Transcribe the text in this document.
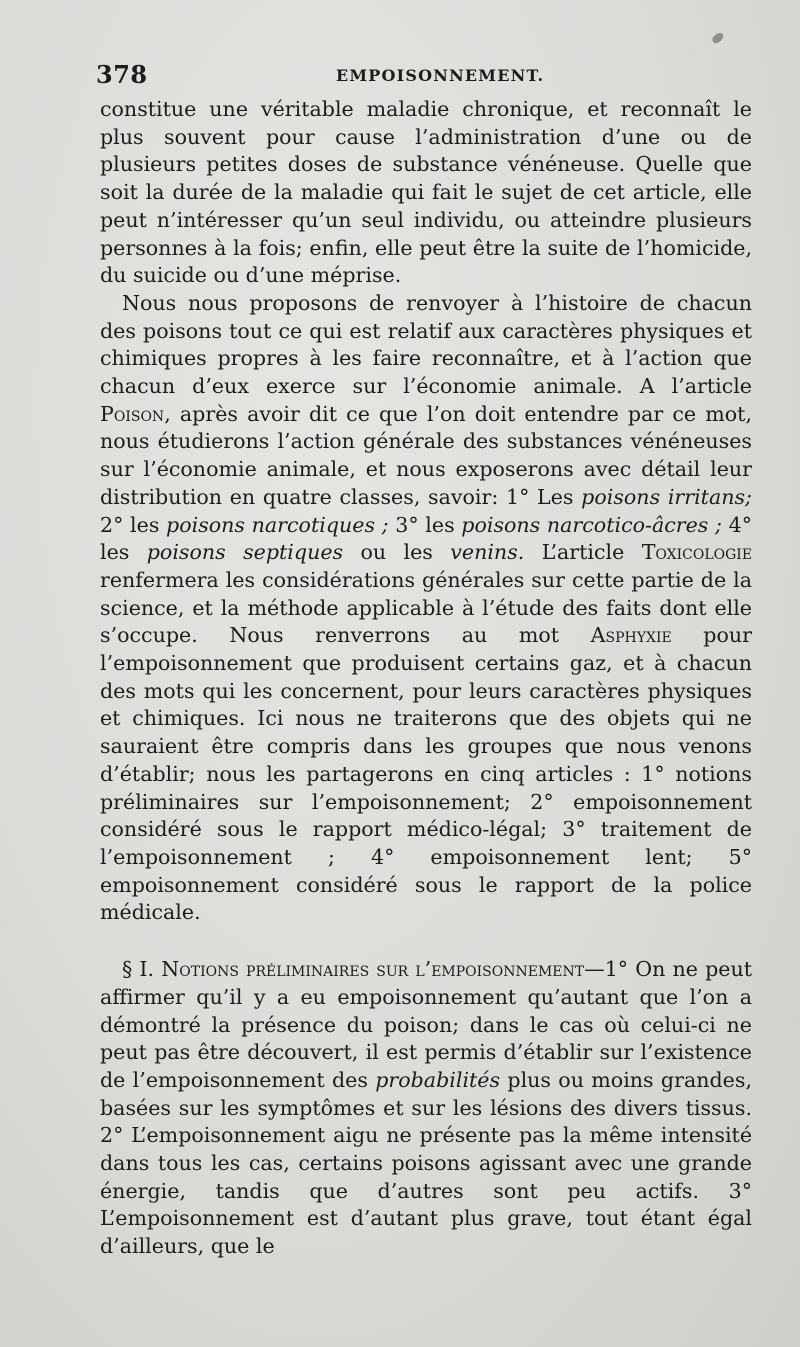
378	EMPOISONNEMENT.

constitue une véritable maladie chronique, et reconnaît le plus souvent pour cause l’administration d’une ou de plusieurs petites doses de substance vénéneuse. Quelle que soit la durée de la maladie qui fait le sujet de cet article, elle peut n’intéresser qu’un seul individu, ou atteindre plusieurs personnes à la fois; enfin, elle peut être la suite de l’homicide, du suicide ou d’une méprise.

Nous nous proposons de renvoyer à l’histoire de chacun des poisons tout ce qui est relatif aux caractères physiques et chimiques propres à les faire reconnaître, et à l’action que chacun d’eux exerce sur l’économie animale. A l’article Poison, après avoir dit ce que l’on doit entendre par ce mot, nous étudierons l’action générale des substances vénéneuses sur l’économie animale, et nous exposerons avec détail leur distribution en quatre classes, savoir: 1° Les poisons irritans; 2° les poisons narcotiques ; 3° les poisons narcotico-âcres ; 4° les poisons septiques ou les venins. L’article Toxicologie renfermera les considérations générales sur cette partie de la science, et la méthode applicable à l’étude des faits dont elle s’occupe. Nous renverrons au mot Asphyxie pour l’empoisonnement que produisent certains gaz, et à chacun des mots qui les concernent, pour leurs caractères physiques et chimiques. Ici nous ne traiterons que des objets qui ne sauraient être compris dans les groupes que nous venons d’établir; nous les partagerons en cinq articles : 1° notions préliminaires sur l’empoisonnement; 2° empoisonnement considéré sous le rapport médico-légal; 3° traitement de l’empoisonnement ; 4° empoisonnement lent; 5° empoisonnement considéré sous le rapport de la police médicale.

§ I. Notions préliminaires sur l’empoisonnement—1° On ne peut affirmer qu’il y a eu empoisonnement qu’autant que l’on a démontré la présence du poison; dans le cas où celui-ci ne peut pas être découvert, il est permis d’établir sur l’existence de l’empoisonnement des probabilités plus ou moins grandes, basées sur les symptômes et sur les lésions des divers tissus. 2° L’empoisonnement aigu ne présente pas la même intensité dans tous les cas, certains poisons agissant avec une grande énergie, tandis que d’autres sont peu actifs. 3° L’empoisonnement est d’autant plus grave, tout étant égal d’ailleurs, que le
